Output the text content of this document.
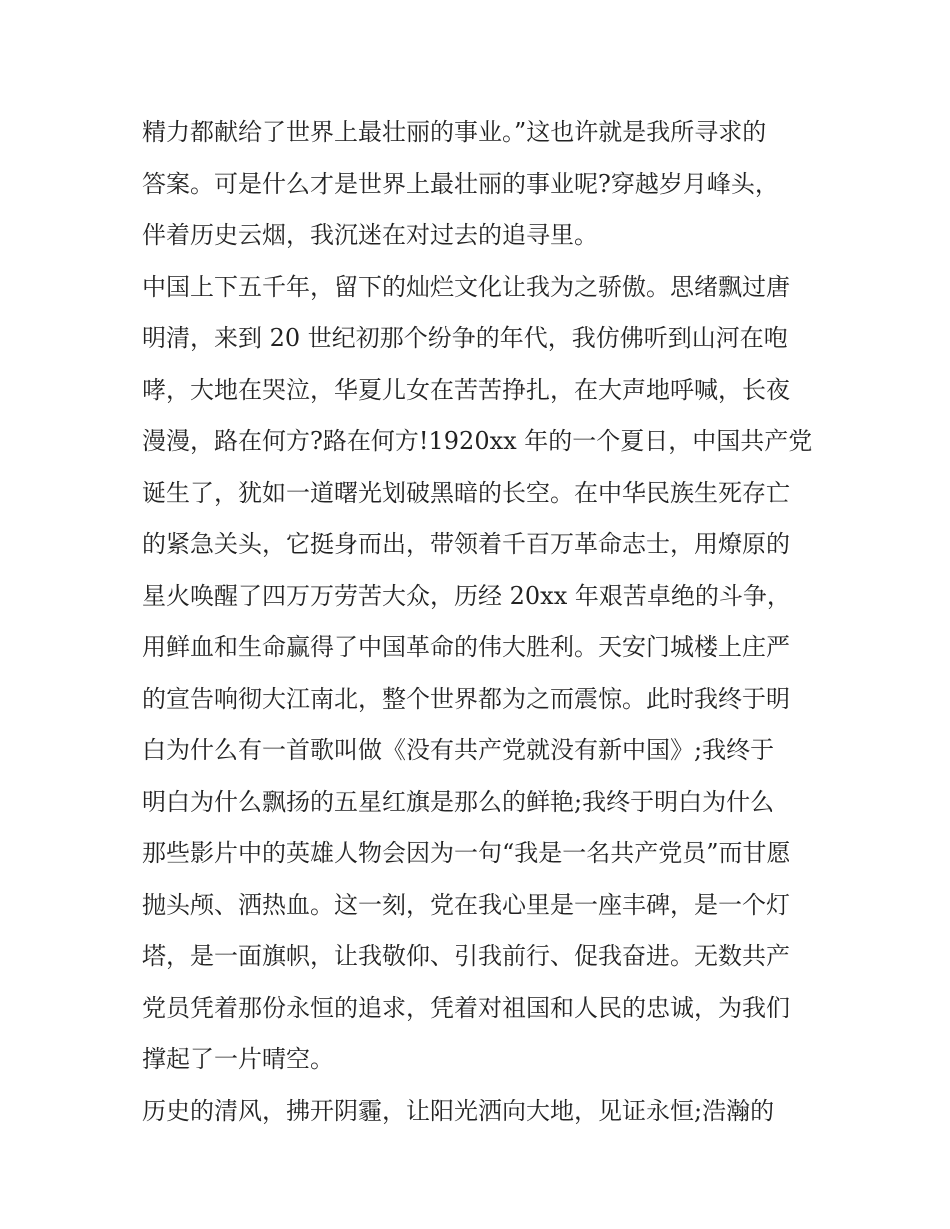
精力都献给了世界上最壮丽的事业。”这也许就是我所寻求的
答案。可是什么才是世界上最壮丽的事业呢?穿越岁月峰头，
伴着历史云烟，我沉迷在对过去的追寻里。
中国上下五千年，留下的灿烂文化让我为之骄傲。思绪飘过唐
明清，来到 20 世纪初那个纷争的年代，我仿佛听到山河在咆
哮，大地在哭泣，华夏儿女在苦苦挣扎，在大声地呼喊，长夜
漫漫，路在何方?路在何方!1920xx 年的一个夏日，中国共产党
诞生了，犹如一道曙光划破黑暗的长空。在中华民族生死存亡
的紧急关头，它挺身而出，带领着千百万革命志士，用燎原的
星火唤醒了四万万劳苦大众，历经 20xx 年艰苦卓绝的斗争，
用鲜血和生命赢得了中国革命的伟大胜利。天安门城楼上庄严
的宣告响彻大江南北，整个世界都为之而震惊。此时我终于明
白为什么有一首歌叫做《没有共产党就没有新中国》;我终于
明白为什么飘扬的五星红旗是那么的鲜艳;我终于明白为什么
那些影片中的英雄人物会因为一句“我是一名共产党员”而甘愿
抛头颅、洒热血。这一刻，党在我心里是一座丰碑，是一个灯
塔，是一面旗帜，让我敬仰、引我前行、促我奋进。无数共产
党员凭着那份永恒的追求，凭着对祖国和人民的忠诚，为我们
撑起了一片晴空。
历史的清风，拂开阴霾，让阳光洒向大地，见证永恒;浩瀚的
